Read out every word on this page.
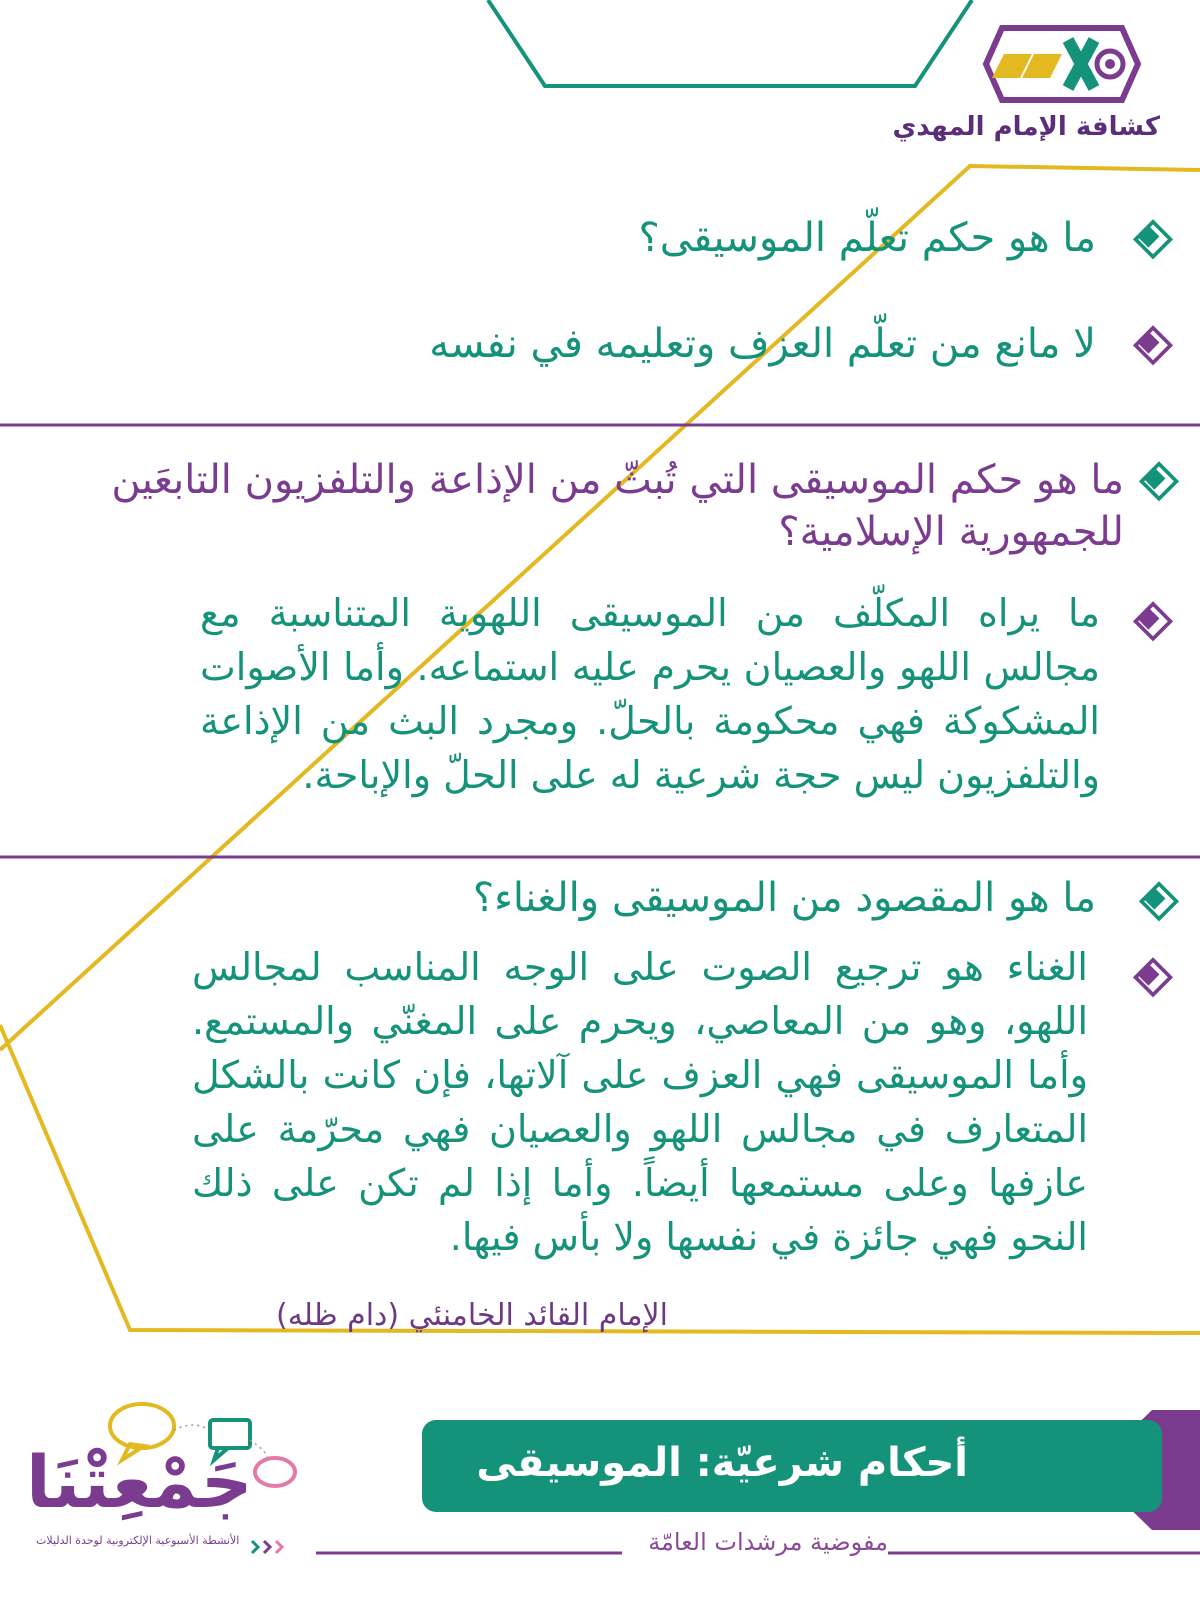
كشافة الإمام المهدي
ما هو حكم تعلّم الموسيقى؟
لا مانع من تعلّم العزف وتعليمه في نفسه
ما هو حكم الموسيقى التي تُبثّ من الإذاعة والتلفزيون التابعَين للجمهورية الإسلامية؟
ما يراه المكلّف من الموسيقى اللهوية المتناسبة مع مجالس اللهو والعصيان يحرم عليه استماعه. وأما الأصوات المشكوكة فهي محكومة بالحلّ. ومجرد البث من الإذاعة والتلفزيون ليس حجة شرعية له على الحلّ والإباحة.
ما هو المقصود من الموسيقى والغناء؟
الغناء هو ترجيع الصوت على الوجه المناسب لمجالس اللهو، وهو من المعاصي، ويحرم على المغنّي والمستمع. وأما الموسيقى فهي العزف على آلاتها، فإن كانت بالشكل المتعارف في مجالس اللهو والعصيان فهي محرّمة على عازفها وعلى مستمعها أيضاً. وأما إذا لم تكن على ذلك النحو فهي جائزة في نفسها ولا بأس فيها.
الإمام القائد الخامنئي (دام ظله)
أحكام شرعيّة: الموسيقى
مفوضية مرشدات العامّة
جَمْعِتْنَا
الأنشطة الأسبوعية الإلكترونية لوحدة الدليلات
